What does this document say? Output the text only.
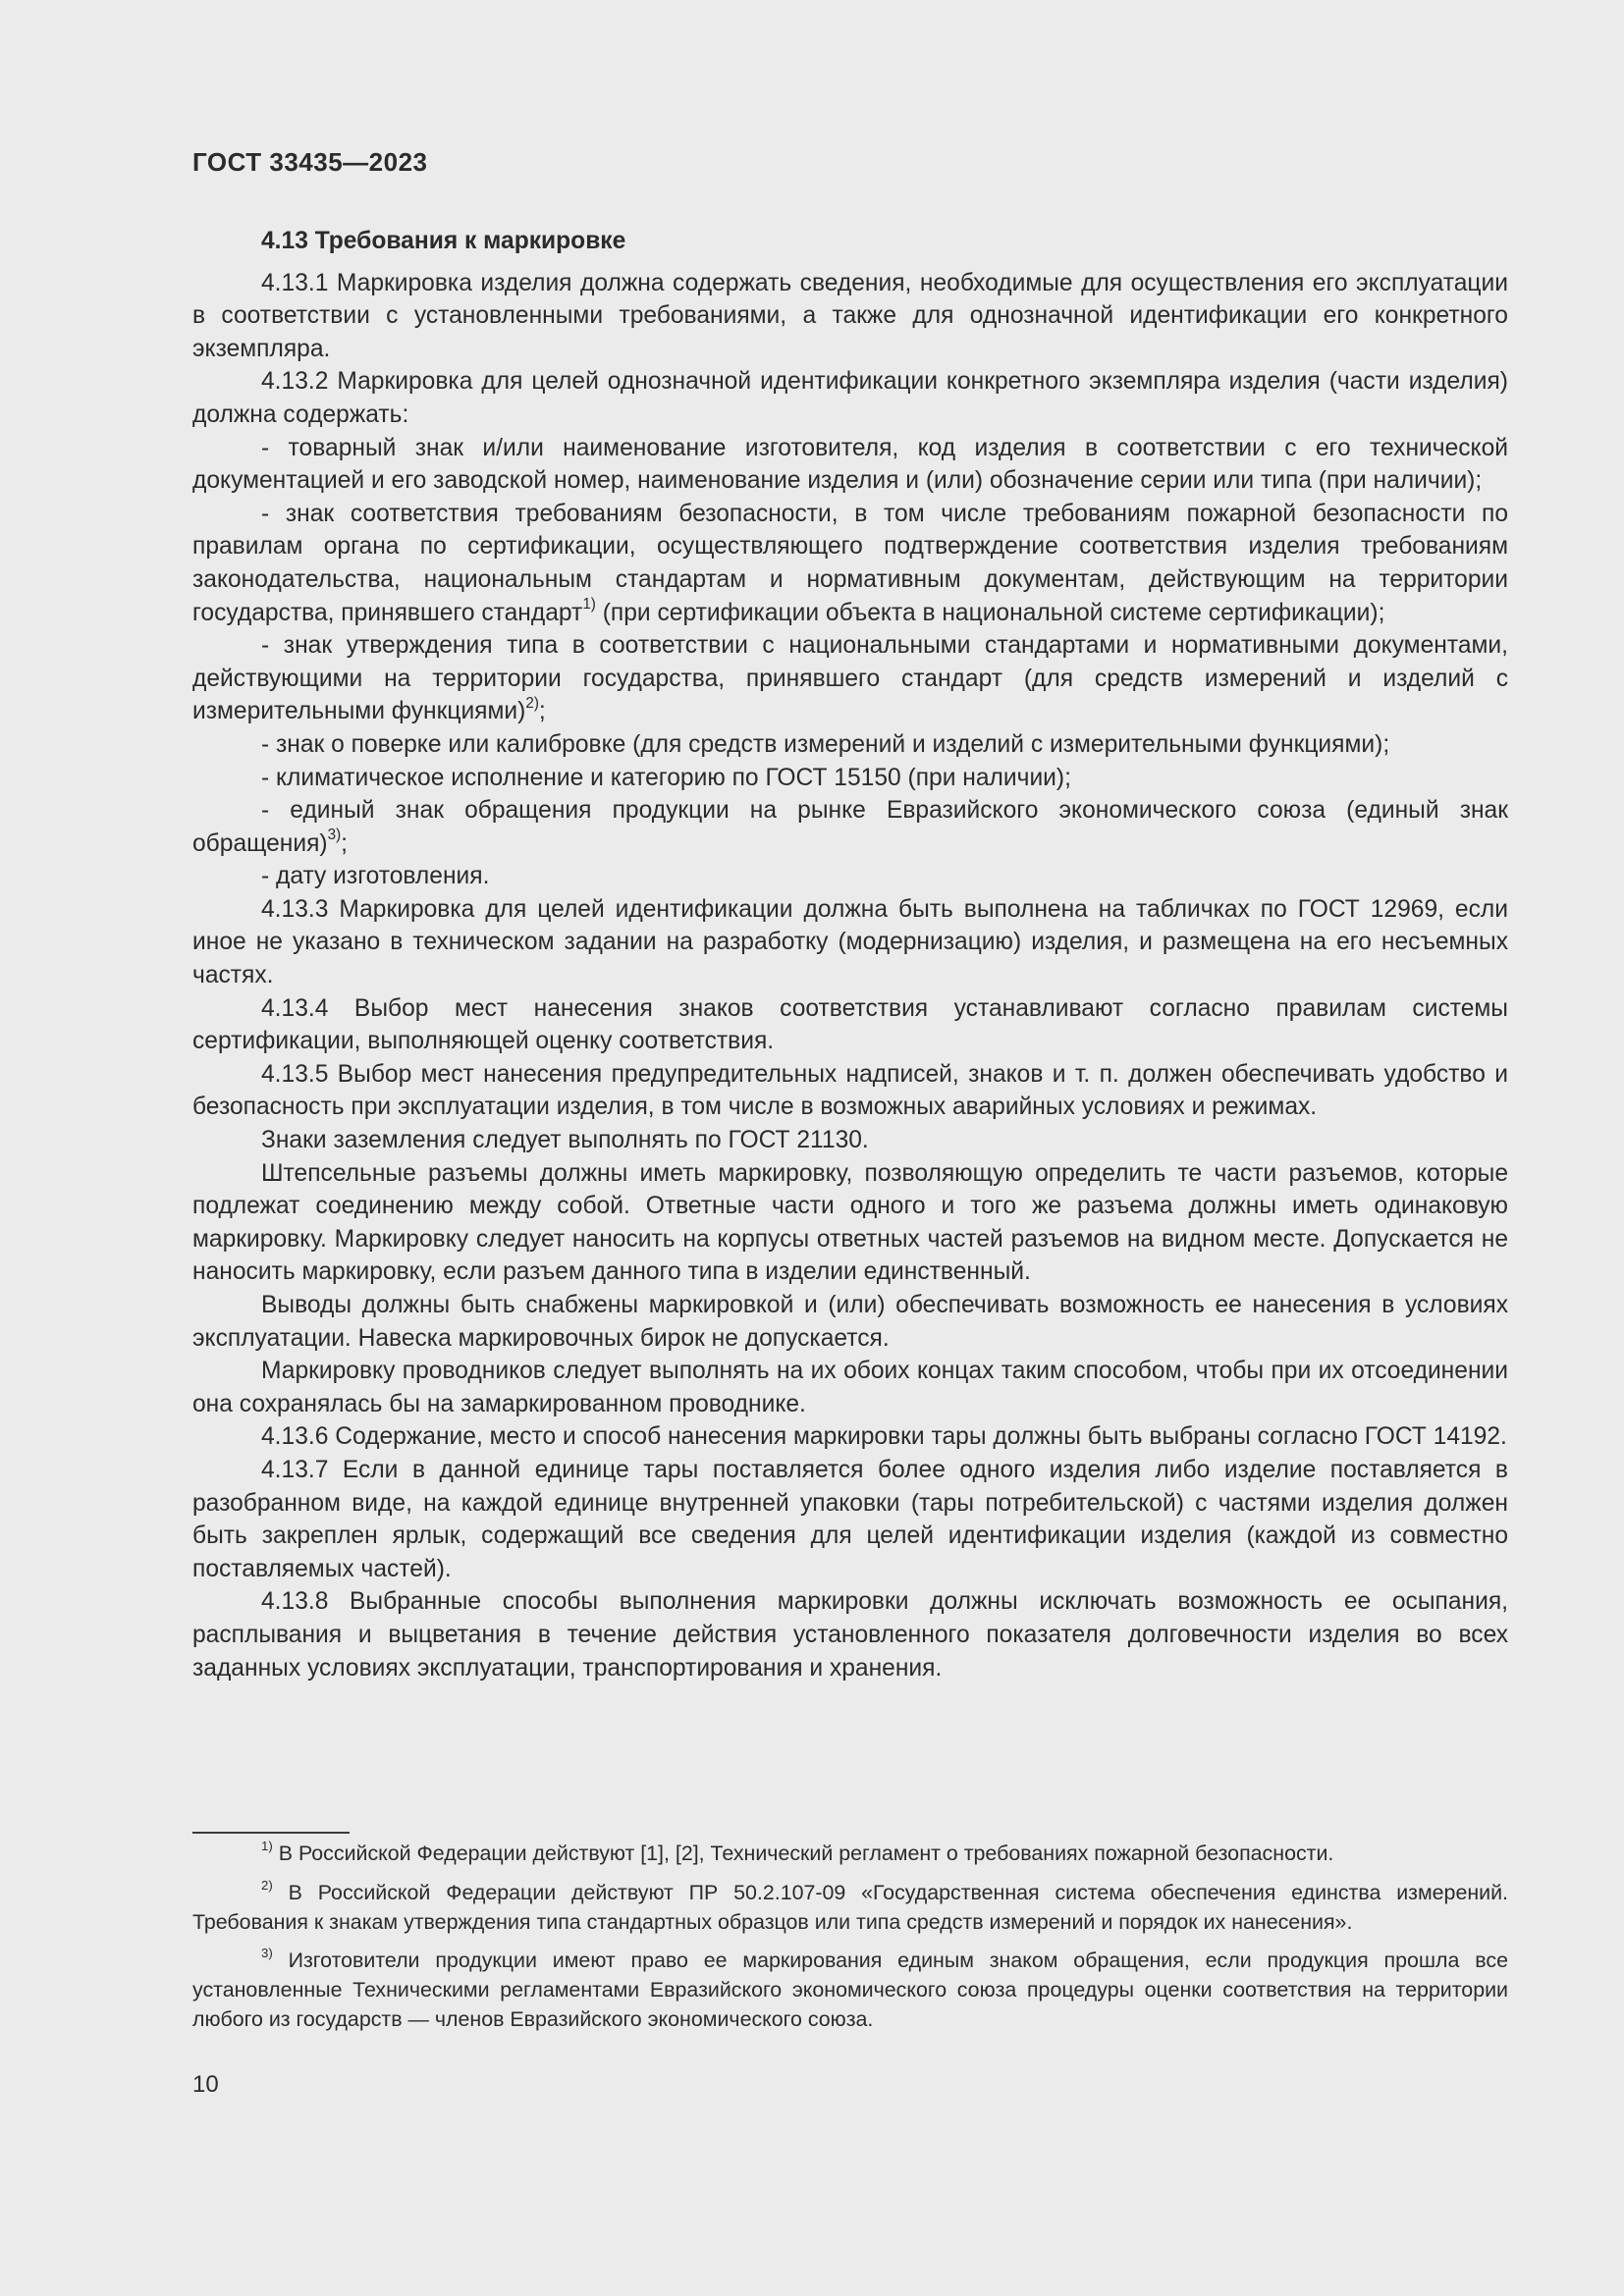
ГОСТ 33435—2023
4.13 Требования к маркировке

4.13.1 Маркировка изделия должна содержать сведения, необходимые для осуществления его эксплуатации в соответствии с установленными требованиями, а также для однозначной идентификации его конкретного экземпляра.

4.13.2 Маркировка для целей однозначной идентификации конкретного экземпляра изделия (части изделия) должна содержать:

- товарный знак и/или наименование изготовителя, код изделия в соответствии с его технической документацией и его заводской номер, наименование изделия и (или) обозначение серии или типа (при наличии);

- знак соответствия требованиям безопасности, в том числе требованиям пожарной безопасности по правилам органа по сертификации, осуществляющего подтверждение соответствия изделия требованиям законодательства, национальным стандартам и нормативным документам, действующим на территории государства, принявшего стандарт$^{1)}$ (при сертификации объекта в национальной системе сертификации);

- знак утверждения типа в соответствии с национальными стандартами и нормативными документами, действующими на территории государства, принявшего стандарт (для средств измерений и изделий с измерительными функциями)$^{2)}$;

- знак о поверке или калибровке (для средств измерений и изделий с измерительными функциями);

- климатическое исполнение и категорию по ГОСТ 15150 (при наличии);

- единый знак обращения продукции на рынке Евразийского экономического союза (единый знак обращения)$^{3)}$;

- дату изготовления.

4.13.3 Маркировка для целей идентификации должна быть выполнена на табличках по ГОСТ 12969, если иное не указано в техническом задании на разработку (модернизацию) изделия, и размещена на его несъемных частях.

4.13.4 Выбор мест нанесения знаков соответствия устанавливают согласно правилам системы сертификации, выполняющей оценку соответствия.

4.13.5 Выбор мест нанесения предупредительных надписей, знаков и т. п. должен обеспечивать удобство и безопасность при эксплуатации изделия, в том числе в возможных аварийных условиях и режимах.

Знаки заземления следует выполнять по ГОСТ 21130.

Штепсельные разъемы должны иметь маркировку, позволяющую определить те части разъемов, которые подлежат соединению между собой. Ответные части одного и того же разъема должны иметь одинаковую маркировку. Маркировку следует наносить на корпусы ответных частей разъемов на видном месте. Допускается не наносить маркировку, если разъем данного типа в изделии единственный.

Выводы должны быть снабжены маркировкой и (или) обеспечивать возможность ее нанесения в условиях эксплуатации. Навеска маркировочных бирок не допускается.

Маркировку проводников следует выполнять на их обоих концах таким способом, чтобы при их отсоединении она сохранялась бы на замаркированном проводнике.

4.13.6 Содержание, место и способ нанесения маркировки тары должны быть выбраны согласно ГОСТ 14192.

4.13.7 Если в данной единице тары поставляется более одного изделия либо изделие поставляется в разобранном виде, на каждой единице внутренней упаковки (тары потребительской) с частями изделия должен быть закреплен ярлык, содержащий все сведения для целей идентификации изделия (каждой из совместно поставляемых частей).

4.13.8 Выбранные способы выполнения маркировки должны исключать возможность ее осыпания, расплывания и выцветания в течение действия установленного показателя долговечности изделия во всех заданных условиях эксплуатации, транспортирования и хранения.

$^{1)}$ В Российской Федерации действуют [1], [2], Технический регламент о требованиях пожарной безопасности.

$^{2)}$ В Российской Федерации действуют ПР 50.2.107-09 «Государственная система обеспечения единства измерений. Требования к знакам утверждения типа стандартных образцов или типа средств измерений и порядок их нанесения».

$^{3)}$ Изготовители продукции имеют право ее маркирования единым знаком обращения, если продукция прошла все установленные Техническими регламентами Евразийского экономического союза процедуры оценки соответствия на территории любого из государств — членов Евразийского экономического союза.

10
